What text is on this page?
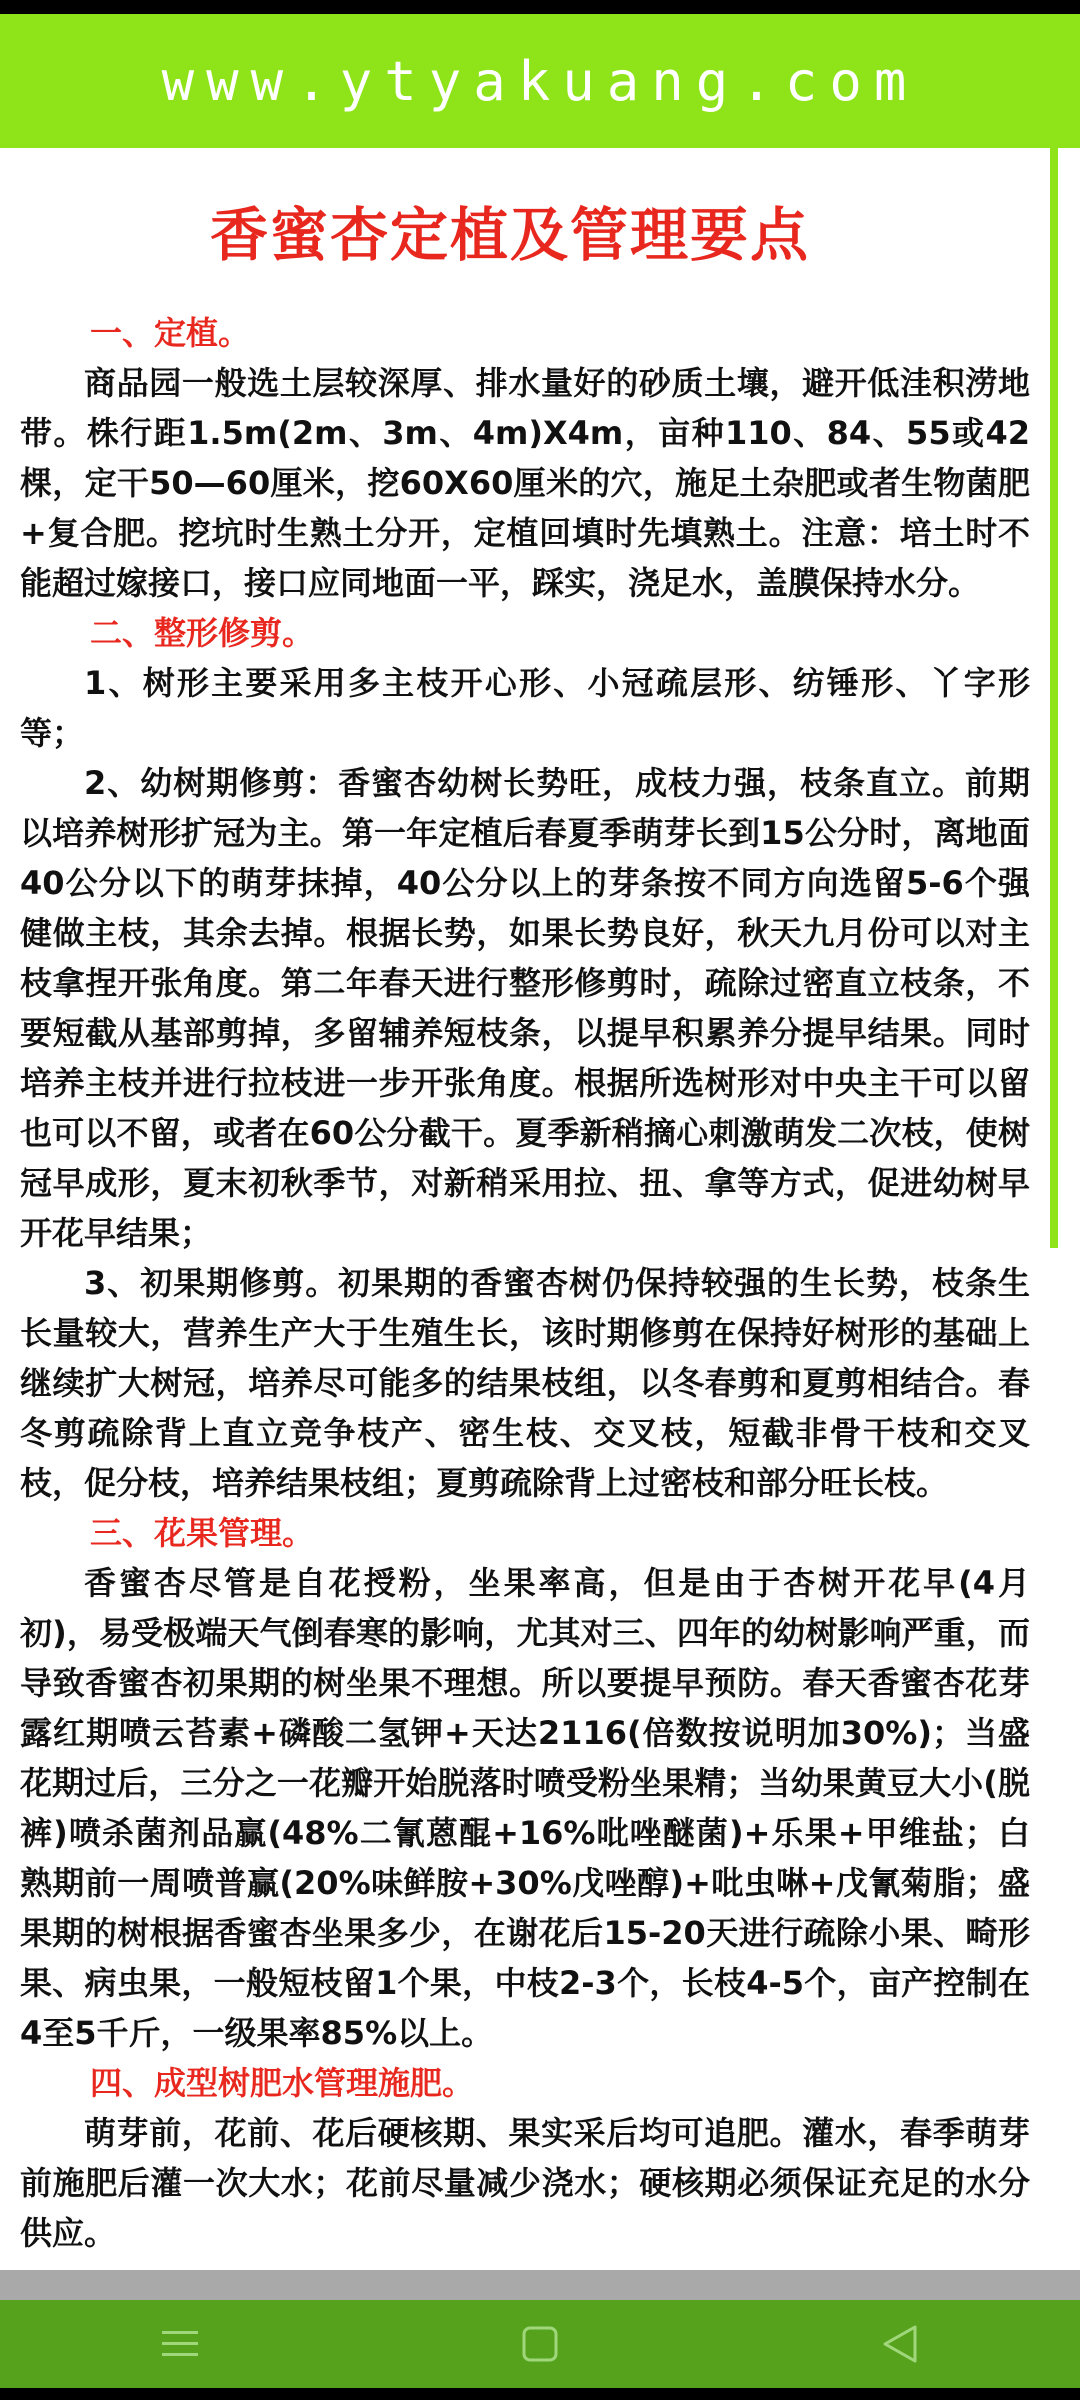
www.ytyakuang.com
香蜜杏定植及管理要点

一、定植。

商品园一般选土层较深厚、排水量好的砂质土壤，避开低洼积涝地带。株行距1.5m(2m、3m、4m)X4m，亩种110、84、55或42棵，定干50—60厘米，挖60X60厘米的穴，施足土杂肥或者生物菌肥+复合肥。挖坑时生熟土分开，定植回填时先填熟土。注意：培土时不能超过嫁接口，接口应同地面一平，踩实，浇足水，盖膜保持水分。

二、整形修剪。

1、树形主要采用多主枝开心形、小冠疏层形、纺锤形、丫字形等；

2、幼树期修剪：香蜜杏幼树长势旺，成枝力强，枝条直立。前期以培养树形扩冠为主。第一年定植后春夏季萌芽长到15公分时，离地面40公分以下的萌芽抹掉，40公分以上的芽条按不同方向选留5-6个强健做主枝，其余去掉。根据长势，如果长势良好，秋天九月份可以对主枝拿捏开张角度。第二年春天进行整形修剪时，疏除过密直立枝条，不要短截从基部剪掉，多留辅养短枝条，以提早积累养分提早结果。同时培养主枝并进行拉枝进一步开张角度。根据所选树形对中央主干可以留也可以不留，或者在60公分截干。夏季新稍摘心刺激萌发二次枝，使树冠早成形，夏末初秋季节，对新稍采用拉、扭、拿等方式，促进幼树早开花早结果；

3、初果期修剪。初果期的香蜜杏树仍保持较强的生长势，枝条生长量较大，营养生产大于生殖生长，该时期修剪在保持好树形的基础上继续扩大树冠，培养尽可能多的结果枝组，以冬春剪和夏剪相结合。春冬剪疏除背上直立竞争枝产、密生枝、交叉枝，短截非骨干枝和交叉枝，促分枝，培养结果枝组；夏剪疏除背上过密枝和部分旺长枝。

三、花果管理。

香蜜杏尽管是自花授粉，坐果率高，但是由于杏树开花早(4月初)，易受极端天气倒春寒的影响，尤其对三、四年的幼树影响严重，而导致香蜜杏初果期的树坐果不理想。所以要提早预防。春天香蜜杏花芽露红期喷云苔素+磷酸二氢钾+天达2116(倍数按说明加30%)；当盛花期过后，三分之一花瓣开始脱落时喷受粉坐果精；当幼果黄豆大小(脱裤)喷杀菌剂品赢(48%二氰蒽醌+16%吡唑醚菌)+乐果+甲维盐；白熟期前一周喷普赢(20%味鲜胺+30%戊唑醇)+吡虫啉+戊氰菊脂；盛果期的树根据香蜜杏坐果多少，在谢花后15-20天进行疏除小果、畸形果、病虫果，一般短枝留1个果，中枝2-3个，长枝4-5个，亩产控制在4至5千斤，一级果率85%以上。

四、成型树肥水管理施肥。

萌芽前，花前、花后硬核期、果实采后均可追肥。灌水，春季萌芽前施肥后灌一次大水；花前尽量减少浇水；硬核期必须保证充足的水分供应。
